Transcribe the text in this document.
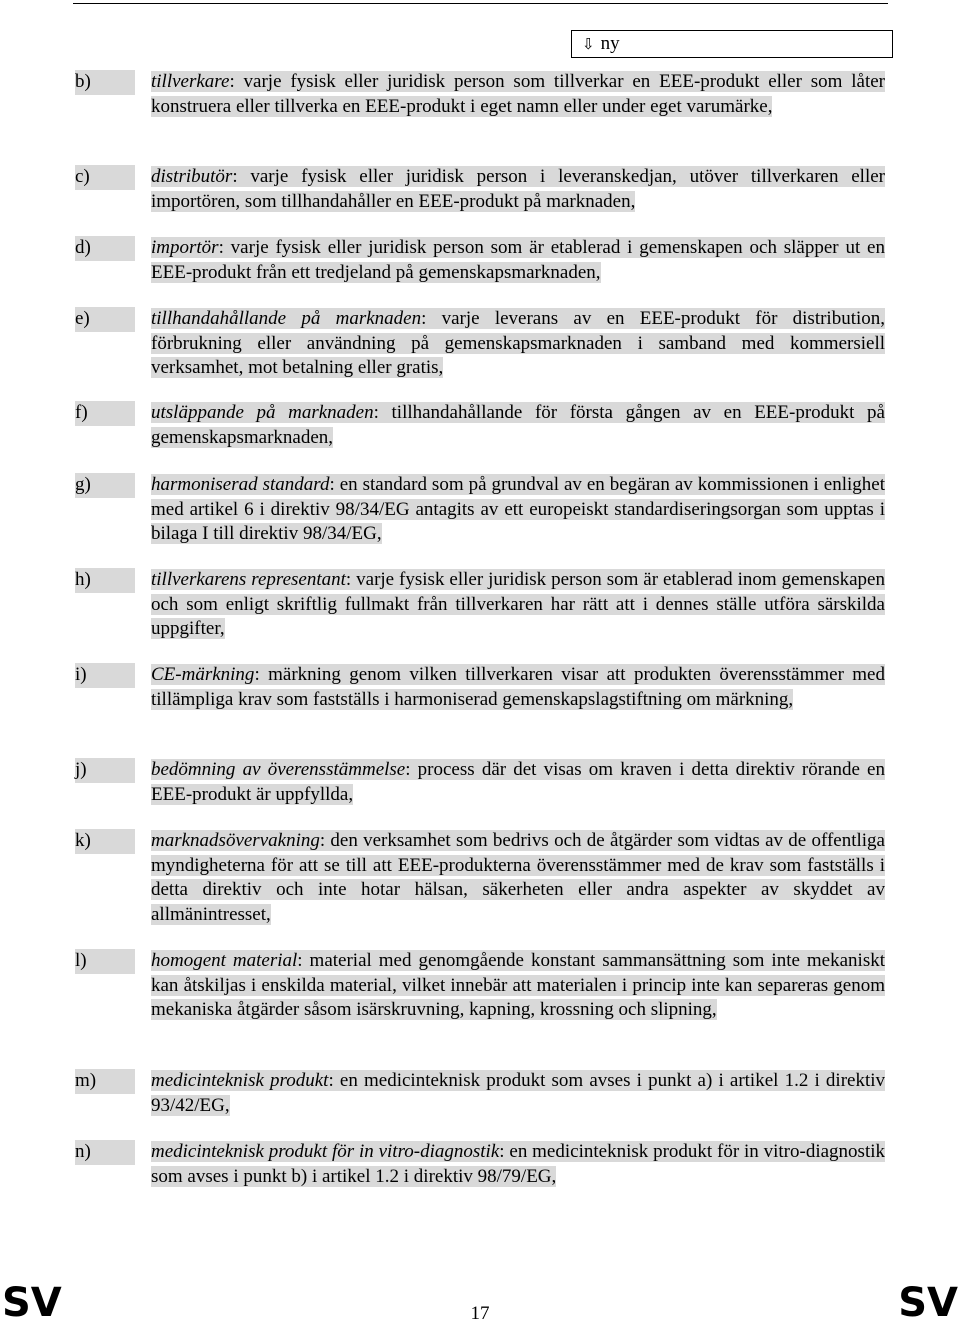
⇩ ny
b)	tillverkare: varje fysisk eller juridisk person som tillverkar en EEE-produkt eller som låter konstruera eller tillverka en EEE-produkt i eget namn eller under eget varumärke,
c)	distributör: varje fysisk eller juridisk person i leveranskedjan, utöver tillverkaren eller importören, som tillhandahåller en EEE-produkt på marknaden,
d)	importör: varje fysisk eller juridisk person som är etablerad i gemenskapen och släpper ut en EEE-produkt från ett tredjeland på gemenskapsmarknaden,
e)	tillhandahållande på marknaden: varje leverans av en EEE-produkt för distribution, förbrukning eller användning på gemenskapsmarknaden i samband med kommersiell verksamhet, mot betalning eller gratis,
f)	utsläppande på marknaden: tillhandahållande för första gången av en EEE-produkt på gemenskapsmarknaden,
g)	harmoniserad standard: en standard som på grundval av en begäran av kommissionen i enlighet med artikel 6 i direktiv 98/34/EG antagits av ett europeiskt standardiseringsorgan som upptas i bilaga I till direktiv 98/34/EG,
h)	tillverkarens representant: varje fysisk eller juridisk person som är etablerad inom gemenskapen och som enligt skriftlig fullmakt från tillverkaren har rätt att i dennes ställe utföra särskilda uppgifter,
i)	CE-märkning: märkning genom vilken tillverkaren visar att produkten överensstämmer med tillämpliga krav som fastställs i harmoniserad gemenskapslagstiftning om märkning,
j)	bedömning av överensstämmelse: process där det visas om kraven i detta direktiv rörande en EEE-produkt är uppfyllda,
k)	marknadsövervakning: den verksamhet som bedrivs och de åtgärder som vidtas av de offentliga myndigheterna för att se till att EEE-produkterna överensstämmer med de krav som fastställs i detta direktiv och inte hotar hälsan, säkerheten eller andra aspekter av skyddet av allmänintresset,
l)	homogent material: material med genomgående konstant sammansättning som inte mekaniskt kan åtskiljas i enskilda material, vilket innebär att materialen i princip inte kan separeras genom mekaniska åtgärder såsom isärskruvning, kapning, krossning och slipning,
m)	medicinteknisk produkt: en medicinteknisk produkt som avses i punkt a) i artikel 1.2 i direktiv 93/42/EG,
n)	medicinteknisk produkt för in vitro-diagnostik: en medicinteknisk produkt för in vitro-diagnostik som avses i punkt b) i artikel 1.2 i direktiv 98/79/EG,
SV	17	SV
